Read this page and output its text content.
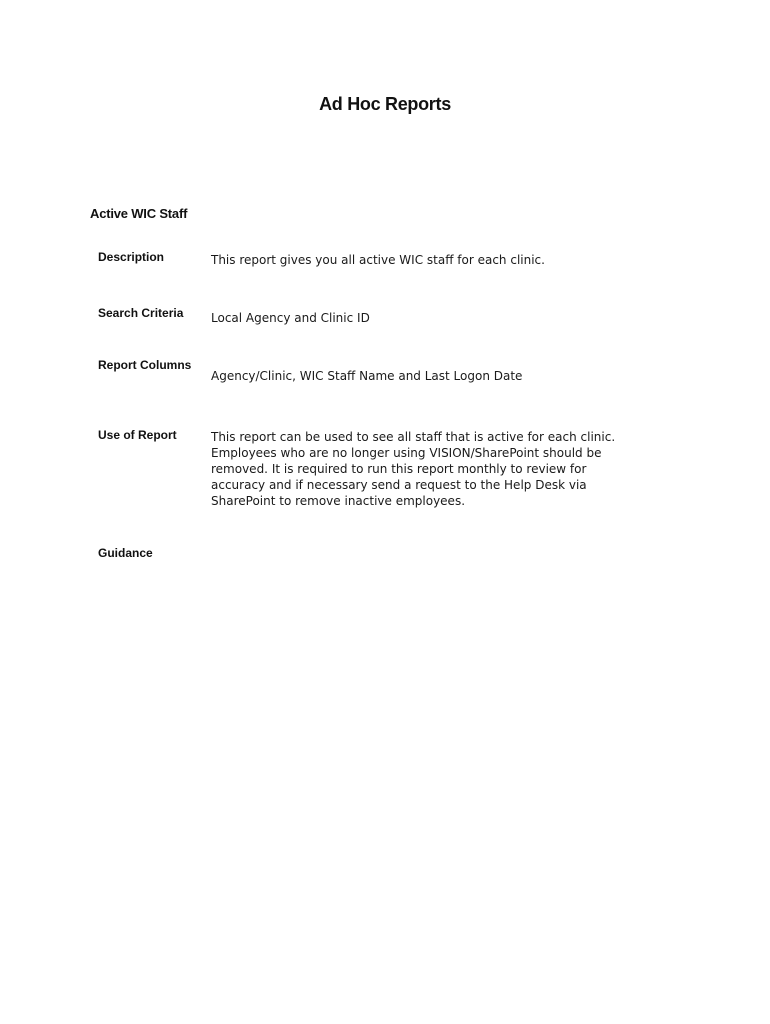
Ad Hoc Reports
Active WIC Staff
Description	This report gives you all active WIC staff for each clinic.

Search Criteria Local Agency and Clinic ID

Report Columns

Agency/Clinic, WIC Staff Name and Last Logon Date

Use of Report	This report can be used to see all staff that is active for each clinic.

Employees who are no longer using VISION/SharePoint should be

removed. It is required to run this report monthly to review for

accuracy and if necessary send a request to the Help Desk via

SharePoint to remove inactive employees.

Guidance
